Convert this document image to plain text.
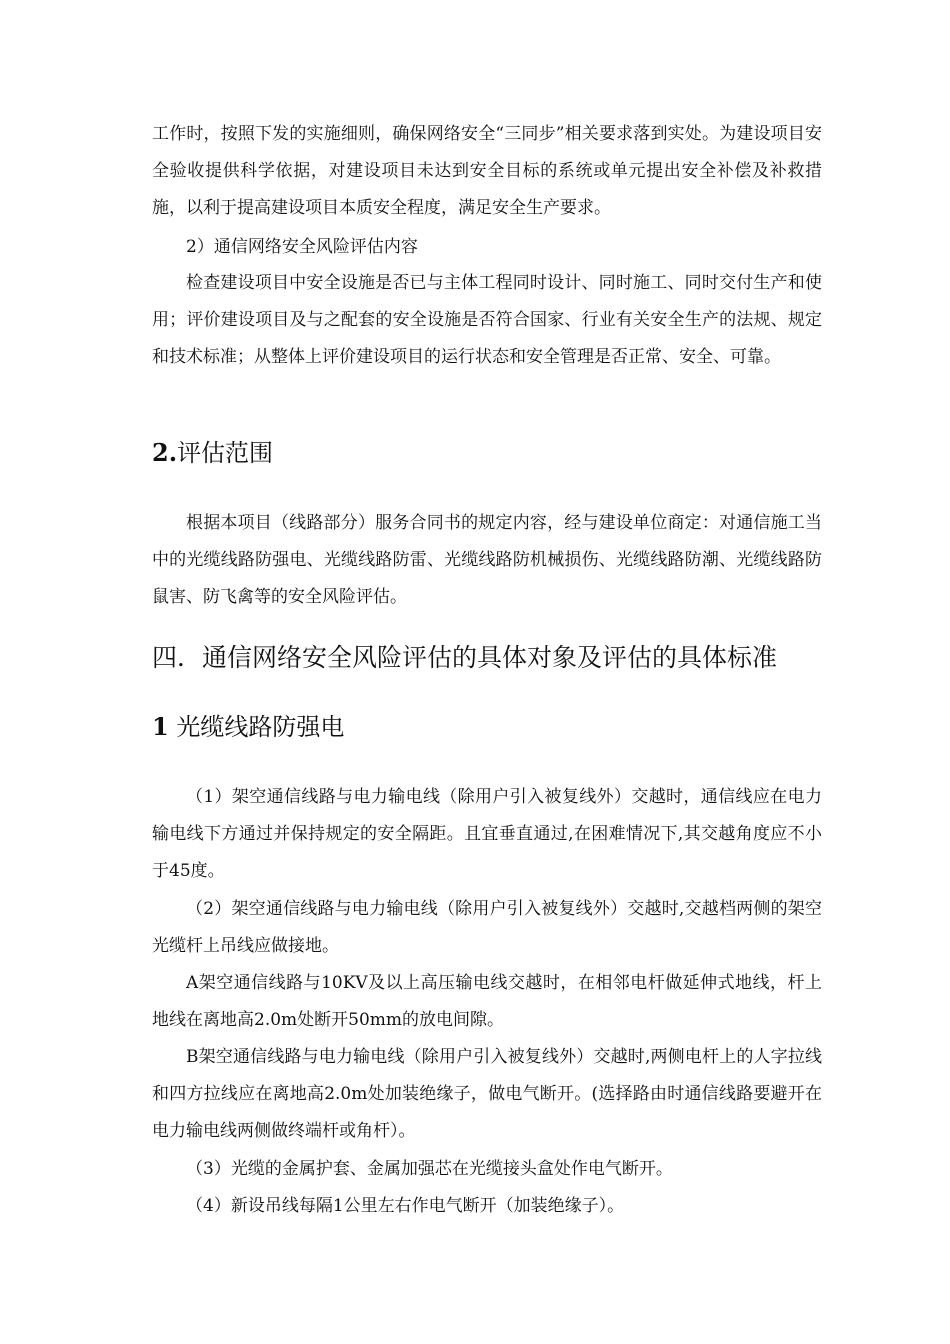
工作时，按照下发的实施细则，确保网络安全“三同步”相关要求落到实处。为建设项目安全验收提供科学依据，对建设项目未达到安全目标的系统或单元提出安全补偿及补救措施，以利于提高建设项目本质安全程度，满足安全生产要求。

2）通信网络安全风险评估内容

检查建设项目中安全设施是否已与主体工程同时设计、同时施工、同时交付生产和使用；评价建设项目及与之配套的安全设施是否符合国家、行业有关安全生产的法规、规定和技术标准；从整体上评价建设项目的运行状态和安全管理是否正常、安全、可靠。

2.评估范围

根据本项目（线路部分）服务合同书的规定内容，经与建设单位商定：对通信施工当中的光缆线路防强电、光缆线路防雷、光缆线路防机械损伤、光缆线路防潮、光缆线路防鼠害、防飞禽等的安全风险评估。

四．通信网络安全风险评估的具体对象及评估的具体标准
1 光缆线路防强电

（1）架空通信线路与电力输电线（除用户引入被复线外）交越时，通信线应在电力输电线下方通过并保持规定的安全隔距。且宜垂直通过,在困难情况下,其交越角度应不小于45度。

（2）架空通信线路与电力输电线（除用户引入被复线外）交越时,交越档两侧的架空光缆杆上吊线应做接地。

A架空通信线路与10KV及以上高压输电线交越时，在相邻电杆做延伸式地线，杆上地线在离地高2.0m处断开50mm的放电间隙。

B架空通信线路与电力输电线（除用户引入被复线外）交越时,两侧电杆上的人字拉线和四方拉线应在离地高2.0m处加装绝缘子，做电气断开。(选择路由时通信线路要避开在电力输电线两侧做终端杆或角杆）。

（3）光缆的金属护套、金属加强芯在光缆接头盒处作电气断开。

（4）新设吊线每隔1公里左右作电气断开（加装绝缘子）。
